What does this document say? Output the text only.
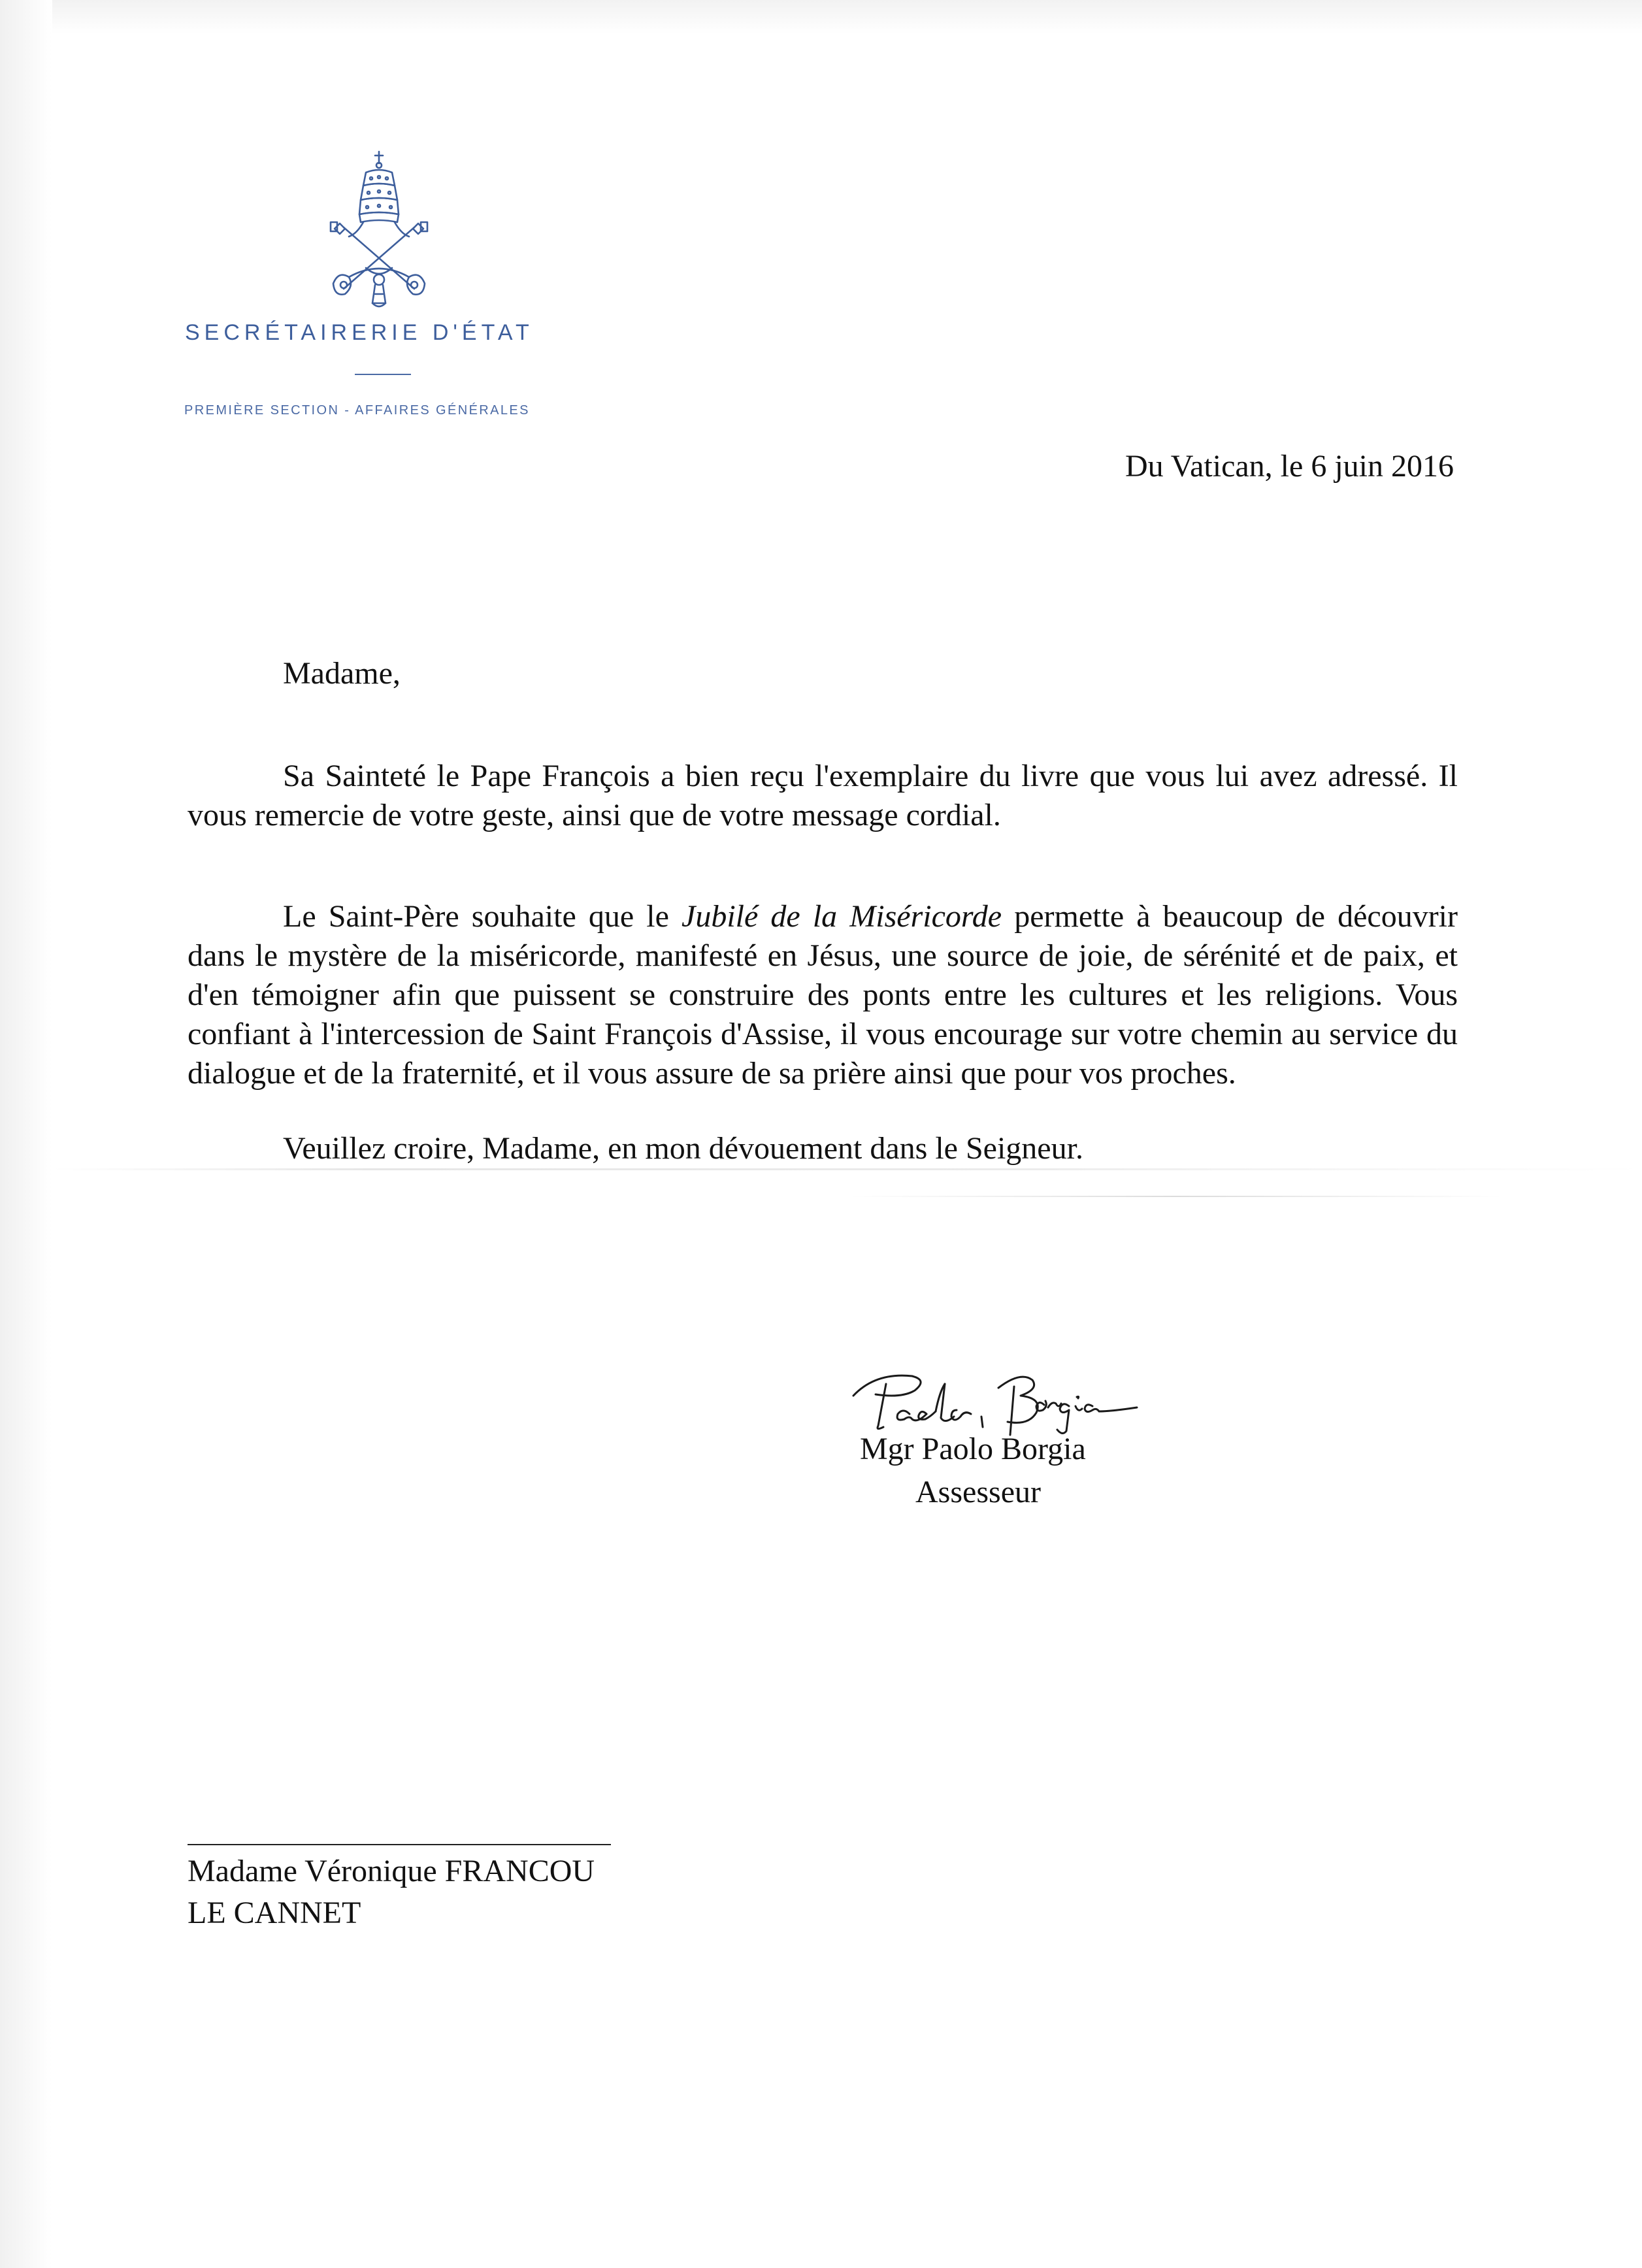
SECRÉTAIRERIE D'ÉTAT
PREMIÈRE SECTION - AFFAIRES GÉNÉRALES
Du Vatican, le 6 juin 2016
Madame,

Sa Sainteté le Pape François a bien reçu l'exemplaire du livre que vous lui avez adressé. Il vous remercie de votre geste, ainsi que de votre message cordial.

Le Saint-Père souhaite que le Jubilé de la Miséricorde permette à beaucoup de découvrir dans le mystère de la miséricorde, manifesté en Jésus, une source de joie, de sérénité et de paix, et d'en témoigner afin que puissent se construire des ponts entre les cultures et les religions. Vous confiant à l'intercession de Saint François d'Assise, il vous encourage sur votre chemin au service du dialogue et de la fraternité, et il vous assure de sa prière ainsi que pour vos proches.

Veuillez croire, Madame, en mon dévouement dans le Seigneur.

Mgr Paolo Borgia
Assesseur
Madame Véronique FRANCOU
LE CANNET
